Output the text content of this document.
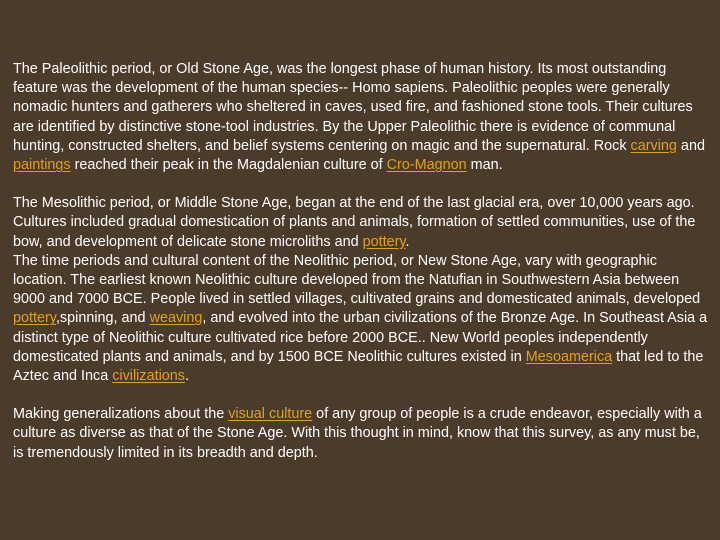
The Paleolithic period, or Old Stone Age, was the longest phase of human history. Its most outstanding feature was the development of the human species-- Homo sapiens. Paleolithic peoples were generally nomadic hunters and gatherers who sheltered in caves, used fire, and fashioned stone tools. Their cultures are identified by distinctive stone-tool industries. By the Upper Paleolithic there is evidence of communal hunting, constructed shelters, and belief systems centering on magic and the supernatural. Rock carving and paintings reached their peak in the Magdalenian culture of Cro-Magnon man.

The Mesolithic period, or Middle Stone Age, began at the end of the last glacial era, over 10,000 years ago. Cultures included gradual domestication of plants and animals, formation of settled communities, use of the bow, and development of delicate stone microliths and pottery.

The time periods and cultural content of the Neolithic period, or New Stone Age, vary with geographic location. The earliest known Neolithic culture developed from the Natufian in Southwestern Asia between 9000 and 7000 BCE. People lived in settled villages, cultivated grains and domesticated animals, developed pottery,spinning, and weaving, and evolved into the urban civilizations of the Bronze Age. In Southeast Asia a distinct type of Neolithic culture cultivated rice before 2000 BCE.. New World peoples independently domesticated plants and animals, and by 1500 BCE Neolithic cultures existed in Mesoamerica that led to the Aztec and Inca civilizations.

Making generalizations about the visual culture of any group of people is a crude endeavor, especially with a culture as diverse as that of the Stone Age. With this thought in mind, know that this survey, as any must be, is tremendously limited in its breadth and depth.
